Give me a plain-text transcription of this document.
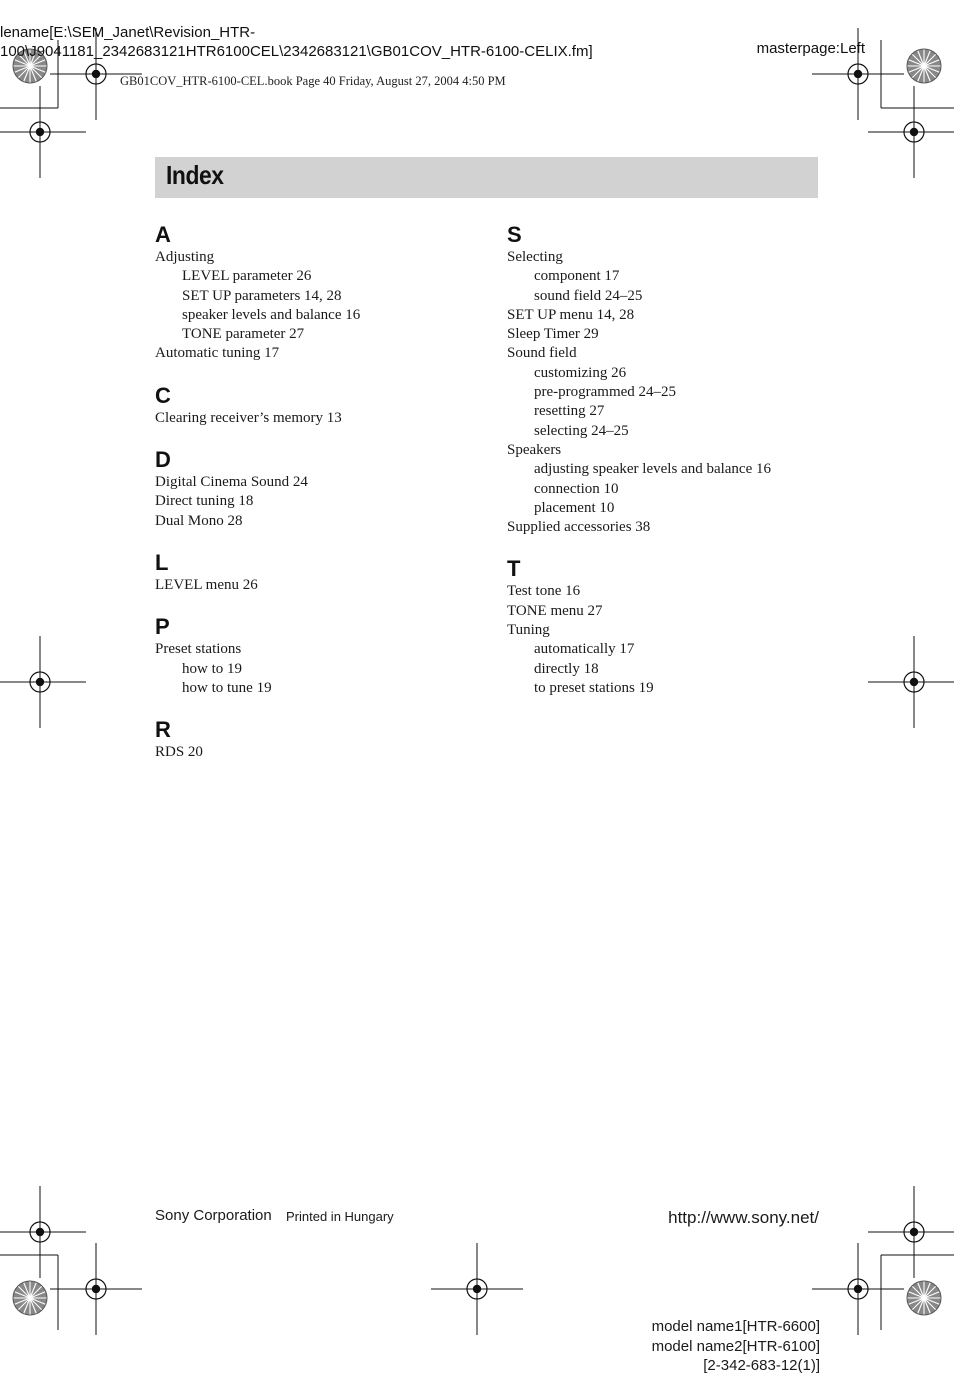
lename[E:\SEM_Janet\Revision_HTR-
100\J9041181_2342683121HTR6100CEL\2342683121\GB01COV_HTR-6100-CELIX.fm]	masterpage:Left
GB01COV_HTR-6100-CEL.book Page 40 Friday, August 27, 2004 4:50 PM
Index
A
Adjusting
LEVEL parameter 26
SET UP parameters 14, 28
speaker levels and balance 16
TONE parameter 27
Automatic tuning 17
C
Clearing receiver’s memory 13
D
Digital Cinema Sound 24
Direct tuning 18
Dual Mono 28
L
LEVEL menu 26
P
Preset stations
how to 19
how to tune 19
R
RDS 20
S
Selecting
component 17
sound field 24–25
SET UP menu 14, 28
Sleep Timer 29
Sound field
customizing 26
pre-programmed 24–25
resetting 27
selecting 24–25
Speakers
adjusting speaker levels and balance 16
connection 10
placement 10
Supplied accessories 38
T
Test tone 16
TONE menu 27
Tuning
automatically 17
directly 18
to preset stations 19
Sony Corporation Printed in Hungary	http://www.sony.net/
model name1[HTR-6600]
model name2[HTR-6100]
[2-342-683-12(1)]
